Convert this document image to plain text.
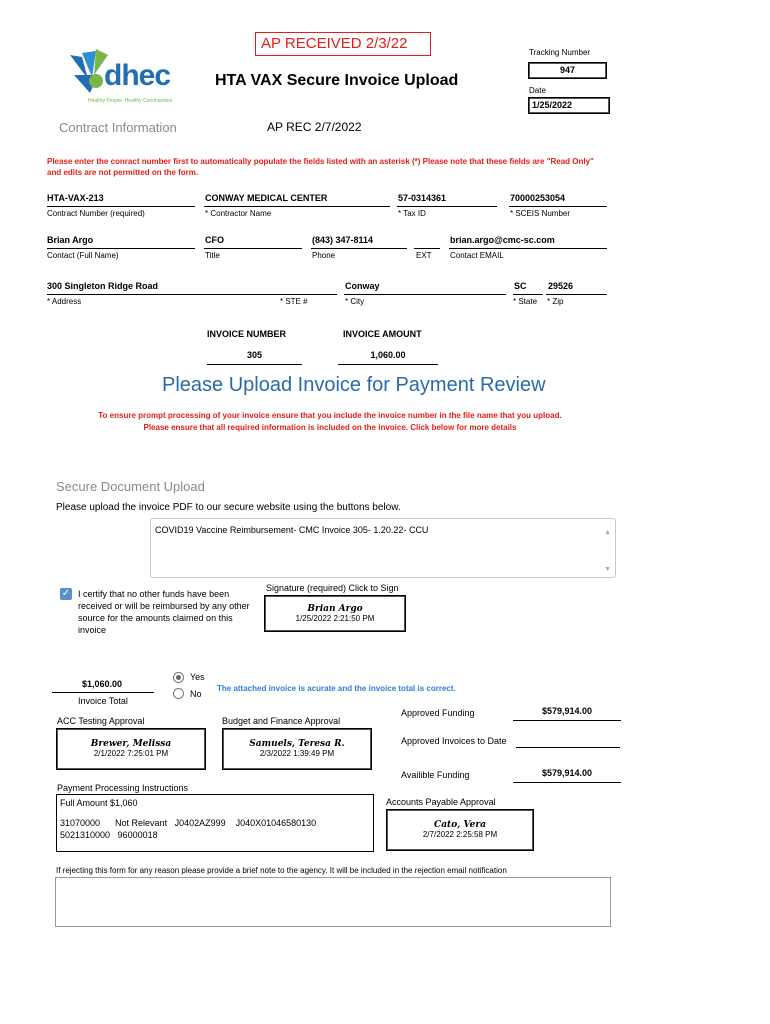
AP RECEIVED 2/3/22
AP REC 2/7/2022
dhec
Healthy People. Healthy Communities.
HTA VAX Secure Invoice Upload
Tracking Number
947
Date
1/25/2022
Contract Information
Please enter the conract number first to automatically populate the fields listed with an asterisk (*) Please note that these fields are "Read Only" and edits are not permitted on the form.
HTA-VAX-213
Contract Number (required)
CONWAY MEDICAL CENTER
* Contractor Name
57-0314361
* Tax ID
70000253054
* SCEIS Number
Brian Argo
Contact (Full Name)
CFO
Title
(843) 347-8114
Phone	EXT
brian.argo@cmc-sc.com
Contact EMAIL
300 Singleton Ridge Road
* Address	* STE #
Conway
* City
SC
* State
29526
* Zip
INVOICE NUMBER
305
INVOICE AMOUNT
1,060.00
Please Upload Invoice for Payment Review
To ensure prompt processing of your invoice ensure that you include the invoice number in the file name that you upload.
Please ensure that all required information is included on the invoice. Click below for more details
Secure Document Upload
Please upload the invoice PDF to our secure website using the buttons below.
COVID19 Vaccine Reimbursement- CMC Invoice 305- 1.20.22- CCU	▲
▼
✓ I certify that no other funds have been received or will be reimbursed by any other source for the amounts claimed on this invoice
Signature (required) Click to Sign
Brian Argo
1/25/2022 2:21:50 PM
$1,060.00
Invoice Total
Yes
No
The attached invoice is acurate and the invoice total is correct.
ACC Testing Approval
Brewer, Melissa
2/1/2022 7:25:01 PM
Budget and Finance Approval
Samuels, Teresa R.
2/3/2022 1:39:49 PM
Approved Funding	$579,914.00
Approved Invoices to Date
Availible Funding	$579,914.00
Accounts Payable Approval
Cato, Vera
2/7/2022 2:25:58 PM
Payment Processing Instructions
Full Amount $1,060
31070000      Not Relevant   J0402AZ999    J040X01046580130
5021310000   96000018
If rejecting this form for any reason please provide a brief note to the agency. It will be included in the rejection email notification
